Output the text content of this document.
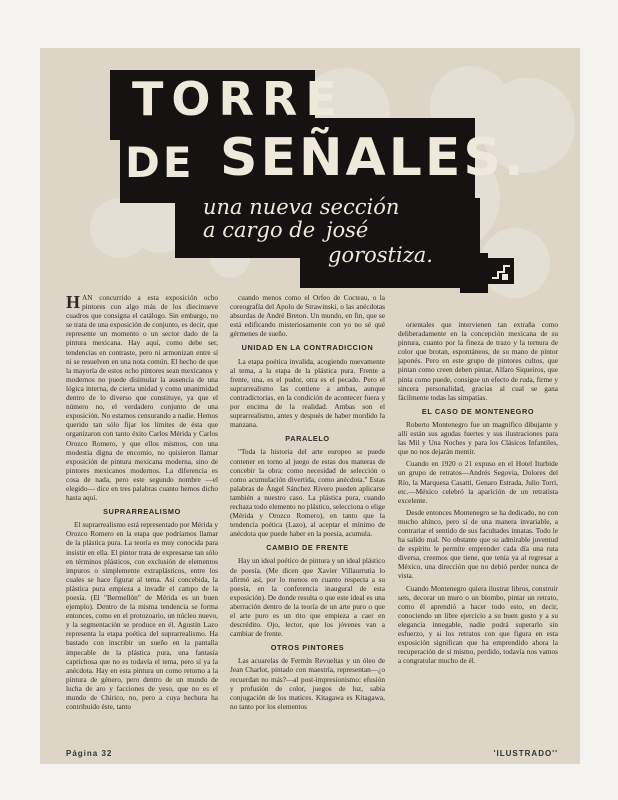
TORRE
DE SEÑALES.
una nueva sección
a cargo de josé
gorostiza.

HAN concurrido a esta exposición ocho pintores con algo más de los diecinueve cuadros que consigna el catálogo. Sin embargo, no se trata de una exposición de conjunto, es decir, que represente un momento o un sector dado de la pintura mexicana. Hay aquí, como debe ser, tendencias en contraste, pero ni armonizan entre sí ni se resuelven en una nota común. El hecho de que la mayoría de estos ocho pintores sean mexicanos y modernos no puede disimular la ausencia de una lógica interna, de cierta unidad y como unanimidad dentro de lo diverso que constituye, ya que el número no, el verdadero conjunto de una exposición. No estamos censurando a nadie. Hemos querido tan sólo fijar los límites de ésta que organizaron con tanto éxito Carlos Mérida y Carlos Orozco Romero, y que ellos mismos, con una modestia digna de encomio, no quisieron llamar exposición de pintura mexicana moderna, sino de pintores mexicanos modernos. La diferencia es cosa de nada, pero este segundo nombre —el elegido— dice en tres palabras cuanto hemos dicho hasta aquí.

SUPRARREALISMO

El suprarrealismo está representado por Mérida y Orozco Romero en la etapa que podríamos llamar de la plástica pura. La teoría es muy conocida para insistir en ella. El pintor trata de expresarse tan sólo en términos plásticos, con exclusión de elementos impuros o simplemente extraplásticos, entre los cuales se hace figurar al tema. Así concebida, la plástica pura empieza a invadir el campo de la poesía. (El "Bermellón" de Mérida es un buen ejemplo). Dentro de la misma tendencia se forma entonces, como en el protozoario, un núcleo nuevo, y la segmentación se produce en él. Agustín Lazo representa la etapa poética del suprarrealismo. Ha bastado con inscribir un sueño en la pantalla impecable de la plástica pura, una fantasía caprichosa que no es todavía el tema, pero sí ya la anécdota. Hay en esta pintura un como retorno a la pintura de género, pero dentro de un mundo de lucha de aro y facciones de yeso, que no es el mundo de Chirico, no, pero a cuya hechura ha contribuido éste, tanto

cuando menos como el Orfeo de Cocteau, o la coreografía del Apolo de Strawinski, o las anécdotas absurdas de André Breton. Un mundo, en fin, que se está edificando misteriosamente con yo no sé qué gérmenes de sueño.

UNIDAD EN LA CONTRADICCION

La etapa poética invalida, acogiendo nuevamente al tema, a la etapa de la plástica pura. Frente a frente, una, es el pudor, otra es el pecado. Pero el suprarrealismo las contiene a ambas, aunque contradictorias, en la condición de acontecer fuera y por encima de la realidad. Ambas son el suprarrealismo, antes y después de haber mordido la manzana.

PARALELO

"Toda la historia del arte europeo se puede contener en torno al juego de estas dos maneras de concebir la obra: como necesidad de selección o como acumulación divertida, como anécdota." Estas palabras de Ángel Sánchez Rivero pueden aplicarse también a nuestro caso. La plástica pura, cuando rechaza todo elemento no plástico, selecciona o elige (Mérida y Orozco Romero), en tanto que la tendencia poética (Lazo), al aceptar el mínimo de anécdota que puede haber en la poesía, acumula.

CAMBIO DE FRENTE

Hay un ideal poético de pintura y un ideal plástico de poesía. (Me dicen que Xavier Villaurrutia lo afirmó así, por lo menos en cuanto respecta a su poesía, en la conferencia inaugural de esta exposición). De donde resulta o que este ideal es una aberración dentro de la teoría de un arte puro o que el arte puro es un rito que empieza a caer en descrédito. Ojo, lector, que los jóvenes van a cambiar de frente.

OTROS PINTORES

Las acuarelas de Fermín Revueltas y un óleo de Jean Charlot, pintado con maestría, representan—¿o recuerdan no más?—al post-impresionismo: efusión y profusión de color, juegos de luz, sabia conjugación de los matices. Kitagawa es Kitagawa, no tanto por los elementos

orientales que intervienen tan extraña como deliberadamente en la concepción mexicana de su pintura, cuanto por la fineza de trazo y la ternura de color que brotan, espontáneos, de su mano de pintor japonés. Pero en este grupo de pintores cultos, que pintan como creen deben pintar, Alfaro Siqueiros, que pinta como puede, consigue un efecto de ruda, firme y sincera personalidad, gracias al cual se gana fácilmente todas las simpatías.

EL CASO DE MONTENEGRO

Roberto Montenegro fue un magnífico dibujante y allí están sus agudas fuertes y sus ilustraciones para las Mil y Una Noches y para los Clásicos Infantiles, que no nos dejarán mentir.

Cuando en 1920 o 21 expuso en el Hotel Iturbide un grupo de retratos—Andrés Segovia, Dolores del Río, la Marquesa Casatti, Genaro Estrada, Julio Torri, etc.—México celebró la aparición de un retratista excelente.

Desde entonces Montenegro se ha dedicado, no con mucho ahínco, pero sí de una manera invariable, a contrariar el sentido de sus facultades innatas. Todo le ha salido mal. No obstante que su admirable juventud de espíritu le permite emprender cada día una ruta diversa, creemos que tiene, que tenía ya al regresar a México, una dirección que no debió perder nunca de vista.

Cuando Montenegro quiera ilustrar libros, construir sets, decorar un muro o un biombo, pintar un retrato, como él aprendió a hacer todo esto, en decir, conociendo un libre ejercicio a su buen gusto y a su elegancia innegable, nadie podrá superarlo sin esfuerzo, y si los retratos con que figura en esta exposición significan que ha emprendido ahora la recuperación de sí mismo, perdido, todavía nos vamos a congratular mucho de él.

Página 32	'ILUSTRADO''
